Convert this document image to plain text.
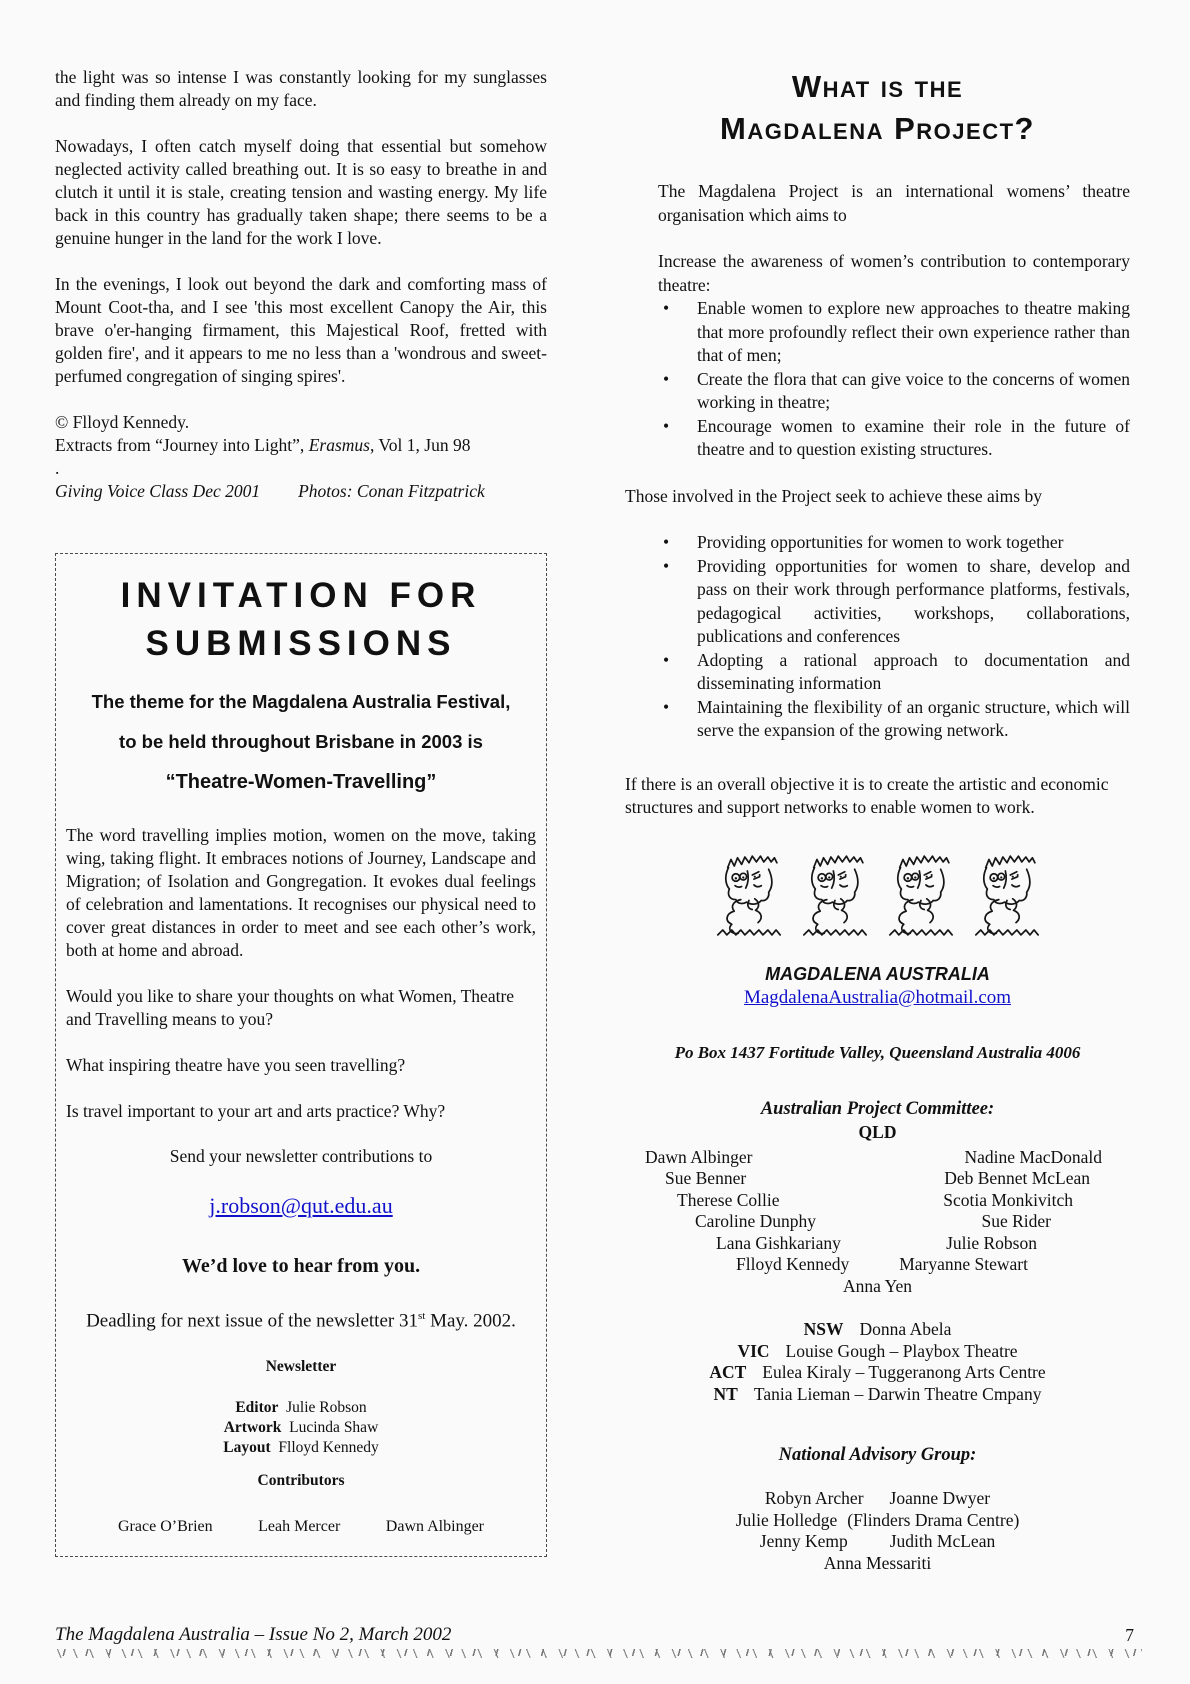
the light was so intense I was constantly looking for my sunglasses and finding them already on my face.

Nowadays, I often catch myself doing that essential but somehow neglected activity called breathing out. It is so easy to breathe in and clutch it until it is stale, creating tension and wasting energy. My life back in this country has gradually taken shape; there seems to be a genuine hunger in the land for the work I love.

In the evenings, I look out beyond the dark and comforting mass of Mount Coot-tha, and I see 'this most excellent Canopy the Air, this brave o'er-hanging firmament, this Majestical Roof, fretted with golden fire', and it appears to me no less than a 'wondrous and sweet-perfumed congregation of singing spires'.

© Flloyd Kennedy.

Extracts from “Journey into Light”, Erasmus, Vol 1, Jun 98

.

Giving Voice Class Dec 2001 Photos: Conan Fitzpatrick

INVITATION FOR
SUBMISSIONS
The theme for the Magdalena Australia Festival,
to be held throughout Brisbane in 2003 is
“Theatre-Women-Travelling”

The word travelling implies motion, women on the move, taking wing, taking flight. It embraces notions of Journey, Landscape and Migration; of Isolation and Gongregation. It evokes dual feelings of celebration and lamentations. It recognises our physical need to cover great distances in order to meet and see each other’s work, both at home and abroad.

Would you like to share your thoughts on what Women, Theatre and Travelling means to you?

What inspiring theatre have you seen travelling?

Is travel important to your art and arts practice? Why?

Send your newsletter contributions to

j.robson@qut.edu.au

We’d love to hear from you.

Deadling for next issue of the newsletter 31st May. 2002.

Newsletter

Editor Julie Robson

Artwork Lucinda Shaw

Layout Flloyd Kennedy

Contributors

Grace O’Brien	Leah Mercer	Dawn Albinger
What is the
Magdalena Project?

The Magdalena Project is an international womens’ theatre organisation which aims to

Increase the awareness of women’s contribution to contemporary theatre:

•
Enable women to explore new approaches to theatre making that more profoundly reflect their own experience rather than that of men;
•
Create the flora that can give voice to the concerns of women working in theatre;
•
Encourage women to examine their role in the future of theatre and to question existing structures.

Those involved in the Project seek to achieve these aims by

•
Providing opportunities for women to work together
•
Providing opportunities for women to share, develop and pass on their work through performance platforms, festivals, pedagogical activities, workshops, collaborations, publications and conferences
•
Adopting a rational approach to documentation and disseminating information
•
Maintaining the flexibility of an organic structure, which will serve the expansion of the growing network.

If there is an overall objective it is to create the artistic and economic structures and support networks to enable women to work.

MAGDALENA AUSTRALIA

MagdalenaAustralia@hotmail.com

Po Box 1437 Fortitude Valley, Queensland Australia 4006

Australian Project Committee:

QLD

Dawn Albinger	Nadine MacDonald
Sue Benner	Deb Bennet McLean
Therese Collie	Scotia Monkivitch
Caroline Dunphy	Sue Rider
Lana Gishkariany	Julie Robson
Flloyd Kennedy	Maryanne Stewart
Anna Yen
NSW Donna Abela
VIC Louise Gough – Playbox Theatre
ACT Eulea Kiraly – Tuggeranong Arts Centre
NT Tania Lieman – Darwin Theatre Cmpany

National Advisory Group:

Robyn Archer Joanne Dwyer
Julie Holledge (Flinders Drama Centre)
Jenny Kemp Judith McLean
Anna Messariti
The Magdalena Australia – Issue No 2, March 2002	7
